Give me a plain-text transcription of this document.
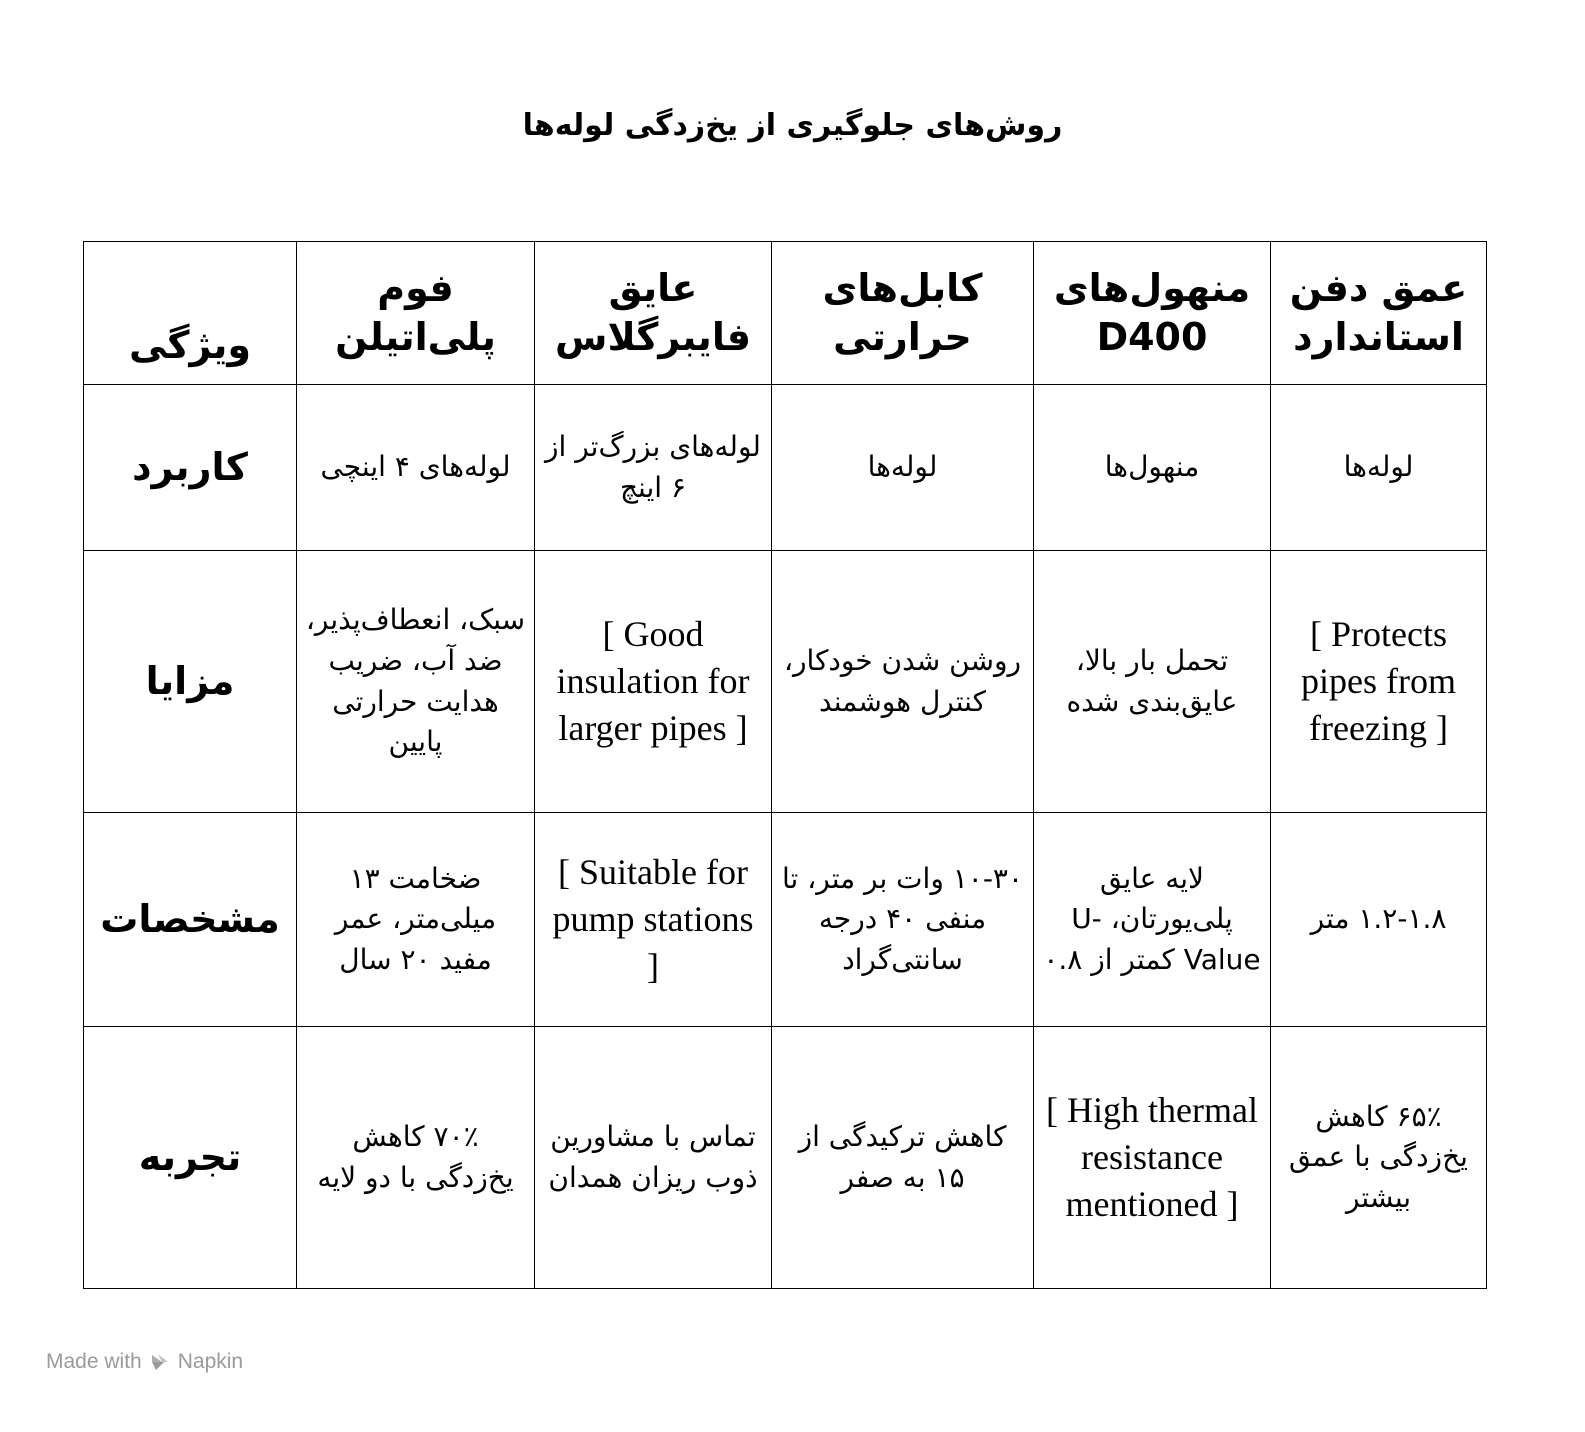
روش‌های جلوگیری از یخ‌زدگی لوله‌ها
ویژگی	فوم پلی‌اتیلن	عایق فایبرگلاس	کابل‌های حرارتی	منهول‌های D400	عمق دفن استاندارد
کاربرد	لوله‌های ۴ اینچی	لوله‌های بزرگ‌تر از ۶ اینچ	لوله‌ها	منهول‌ها	لوله‌ها
مزایا	سبک، انعطاف‌پذیر، ضد آب، ضریب هدایت حرارتی پایین	[ Good insulation for larger pipes ]	روشن شدن خودکار، کنترل هوشمند	تحمل بار بالا، عایق‌بندی شده	[ Protects pipes from freezing ]
مشخصات	ضخامت ۱۳ میلی‌متر، عمر مفید ۲۰ سال	[ Suitable for pump stations ]	۱۰-۳۰ وات بر متر، تا منفی ۴۰ درجه سانتی‌گراد	لایه عایق پلی‌یورتان، U-Value کمتر از ۰.۸	۱.۲-۱.۸ متر
تجربه	۷۰٪ کاهش یخ‌زدگی با دو لایه	تماس با مشاورین ذوب ریزان همدان	کاهش ترکیدگی از ۱۵ به صفر	[ High thermal resistance mentioned ]	۶۵٪ کاهش یخ‌زدگی با عمق بیشتر
Made with Napkin
